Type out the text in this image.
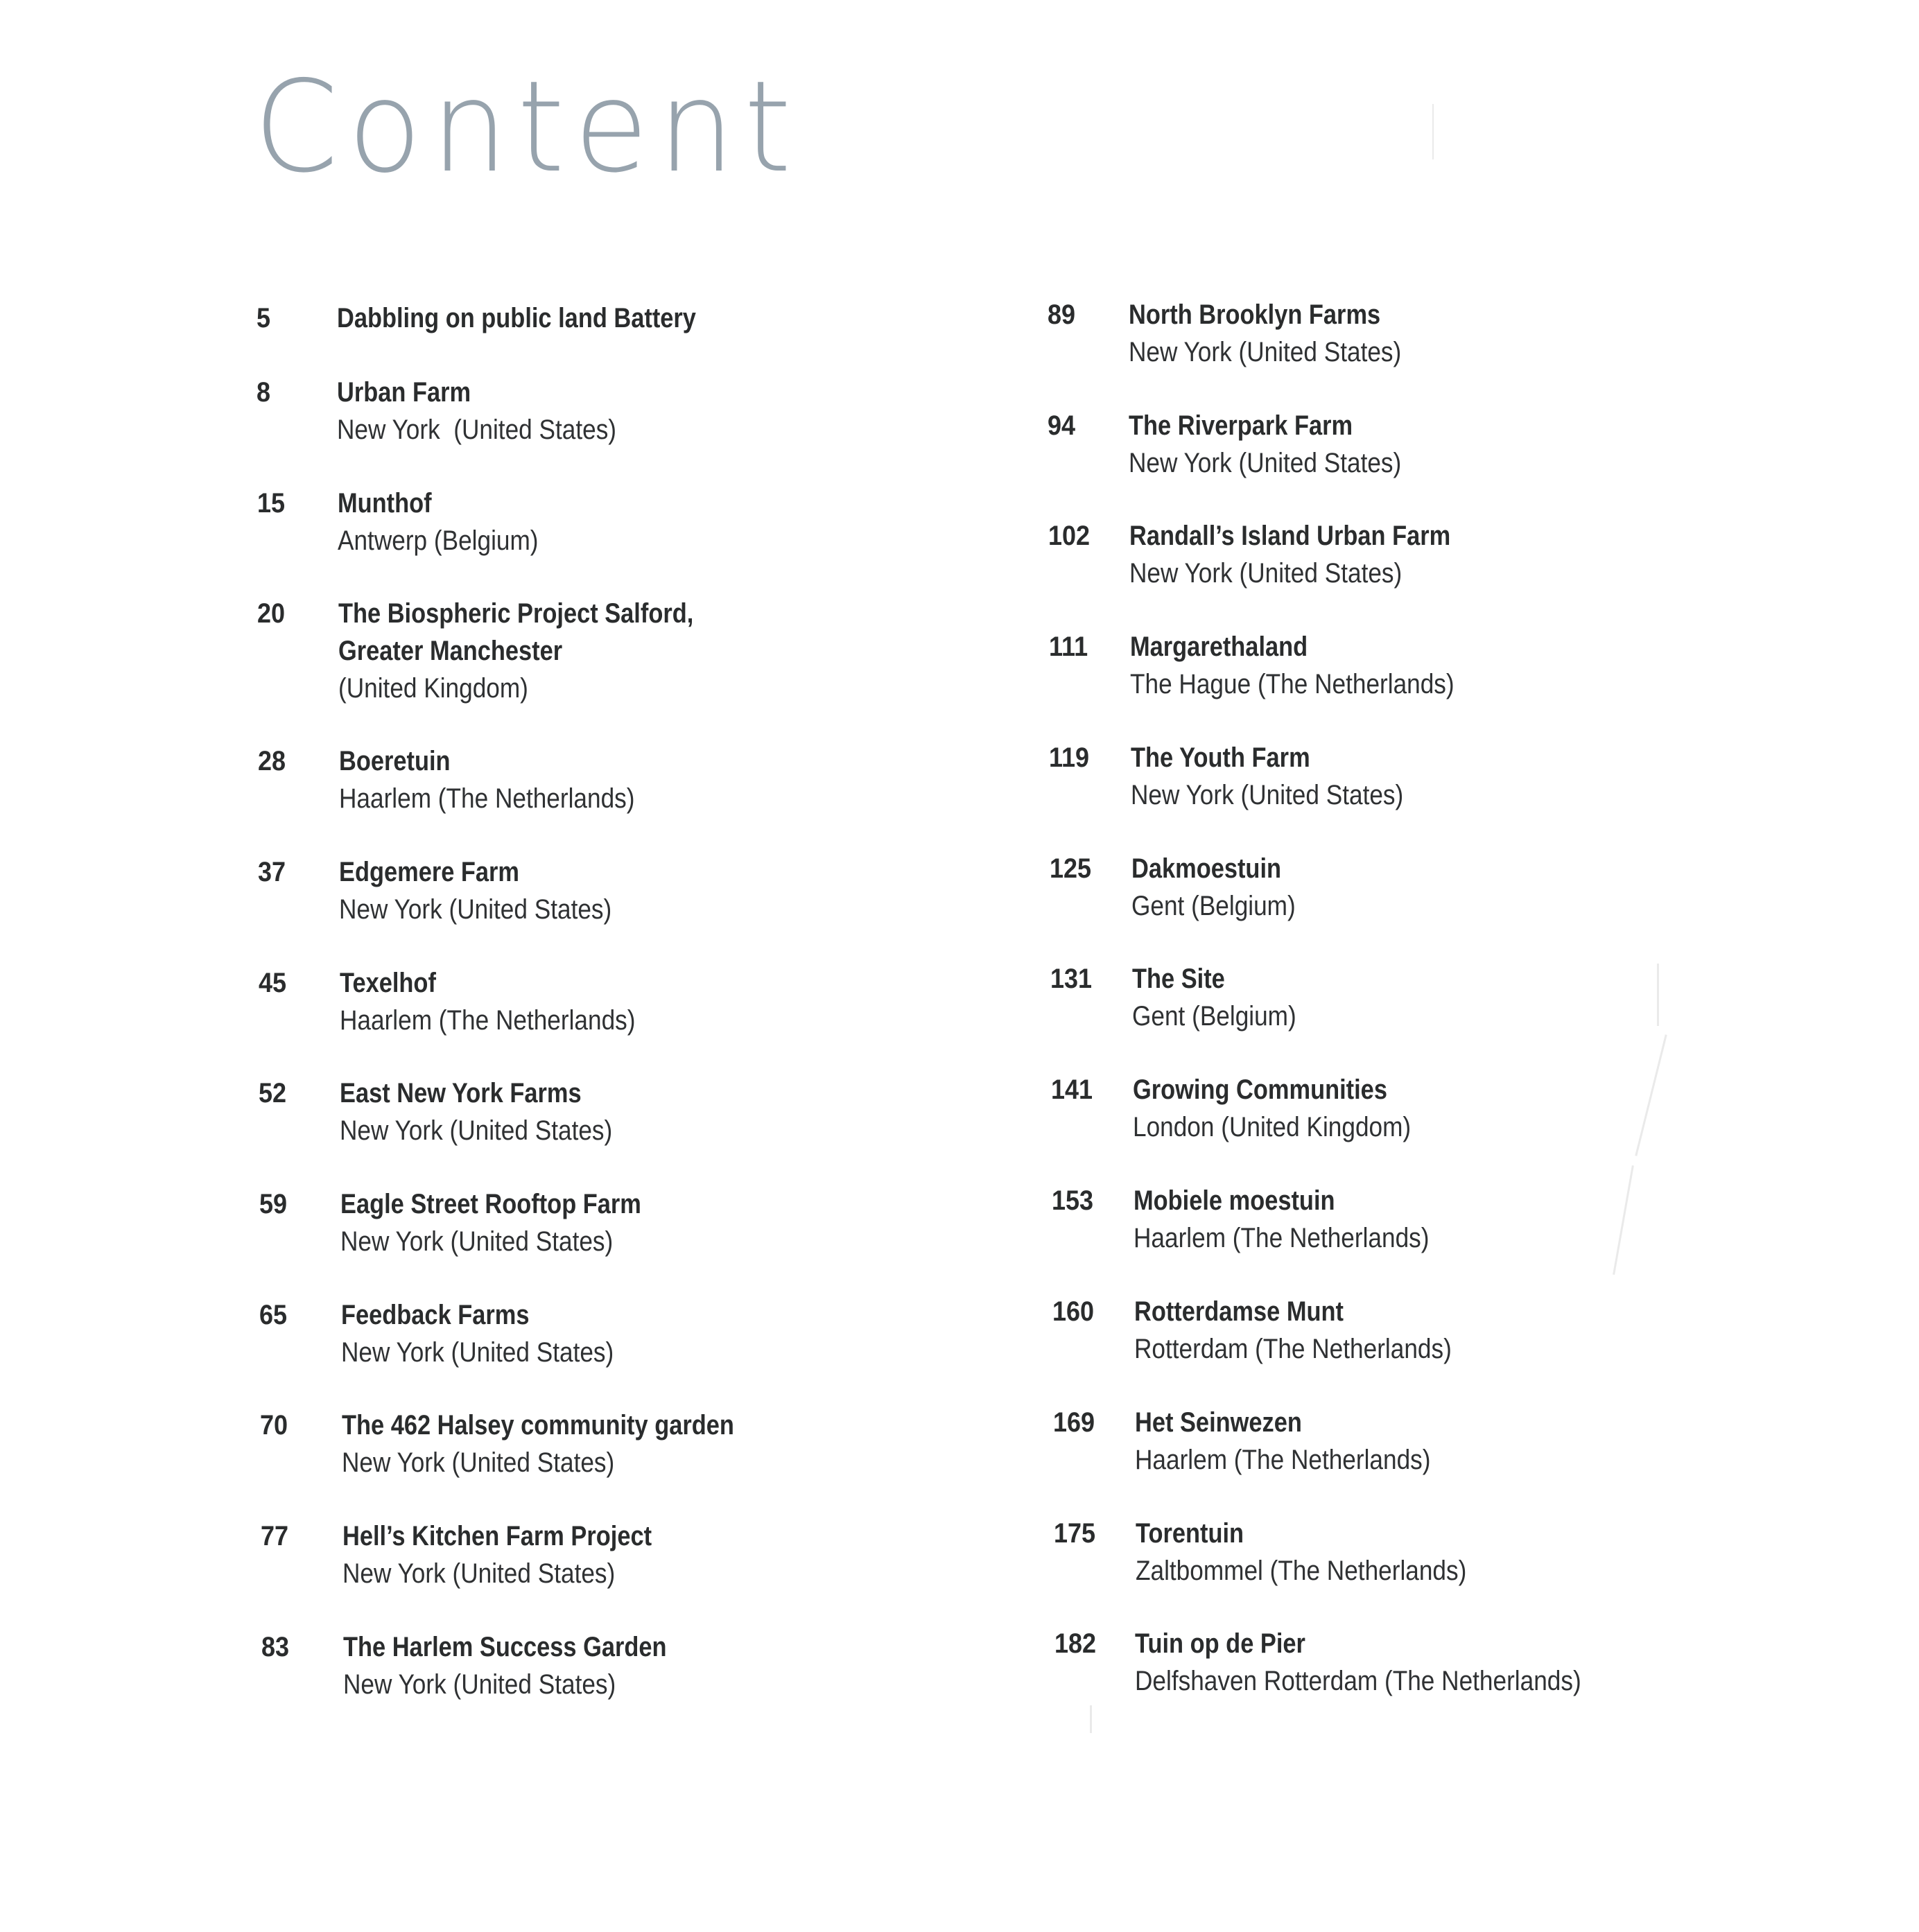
Content
5 Dabbling on public land Battery
8 Urban Farm
New York  (United States)
15 Munthof
Antwerp (Belgium)
20 The Biospheric Project Salford,
Greater Manchester
(United Kingdom)
28 Boeretuin
Haarlem (The Netherlands)
37 Edgemere Farm
New York (United States)
45 Texelhof
Haarlem (The Netherlands)
52 East New York Farms
New York (United States)
59 Eagle Street Rooftop Farm
New York (United States)
65 Feedback Farms
New York (United States)
70 The 462 Halsey community garden
New York (United States)
77 Hell’s Kitchen Farm Project
New York (United States)
83 The Harlem Success Garden
New York (United States)
89 North Brooklyn Farms
New York (United States)
94 The Riverpark Farm
New York (United States)
102 Randall’s Island Urban Farm
New York (United States)
111 Margarethaland
The Hague (The Netherlands)
119 The Youth Farm
New York (United States)
125 Dakmoestuin
Gent (Belgium)
131 The Site
Gent (Belgium)
141 Growing Communities
London (United Kingdom)
153 Mobiele moestuin
Haarlem (The Netherlands)
160 Rotterdamse Munt
Rotterdam (The Netherlands)
169 Het Seinwezen
Haarlem (The Netherlands)
175 Torentuin
Zaltbommel (The Netherlands)
182 Tuin op de Pier
Delfshaven Rotterdam (The Netherlands)
